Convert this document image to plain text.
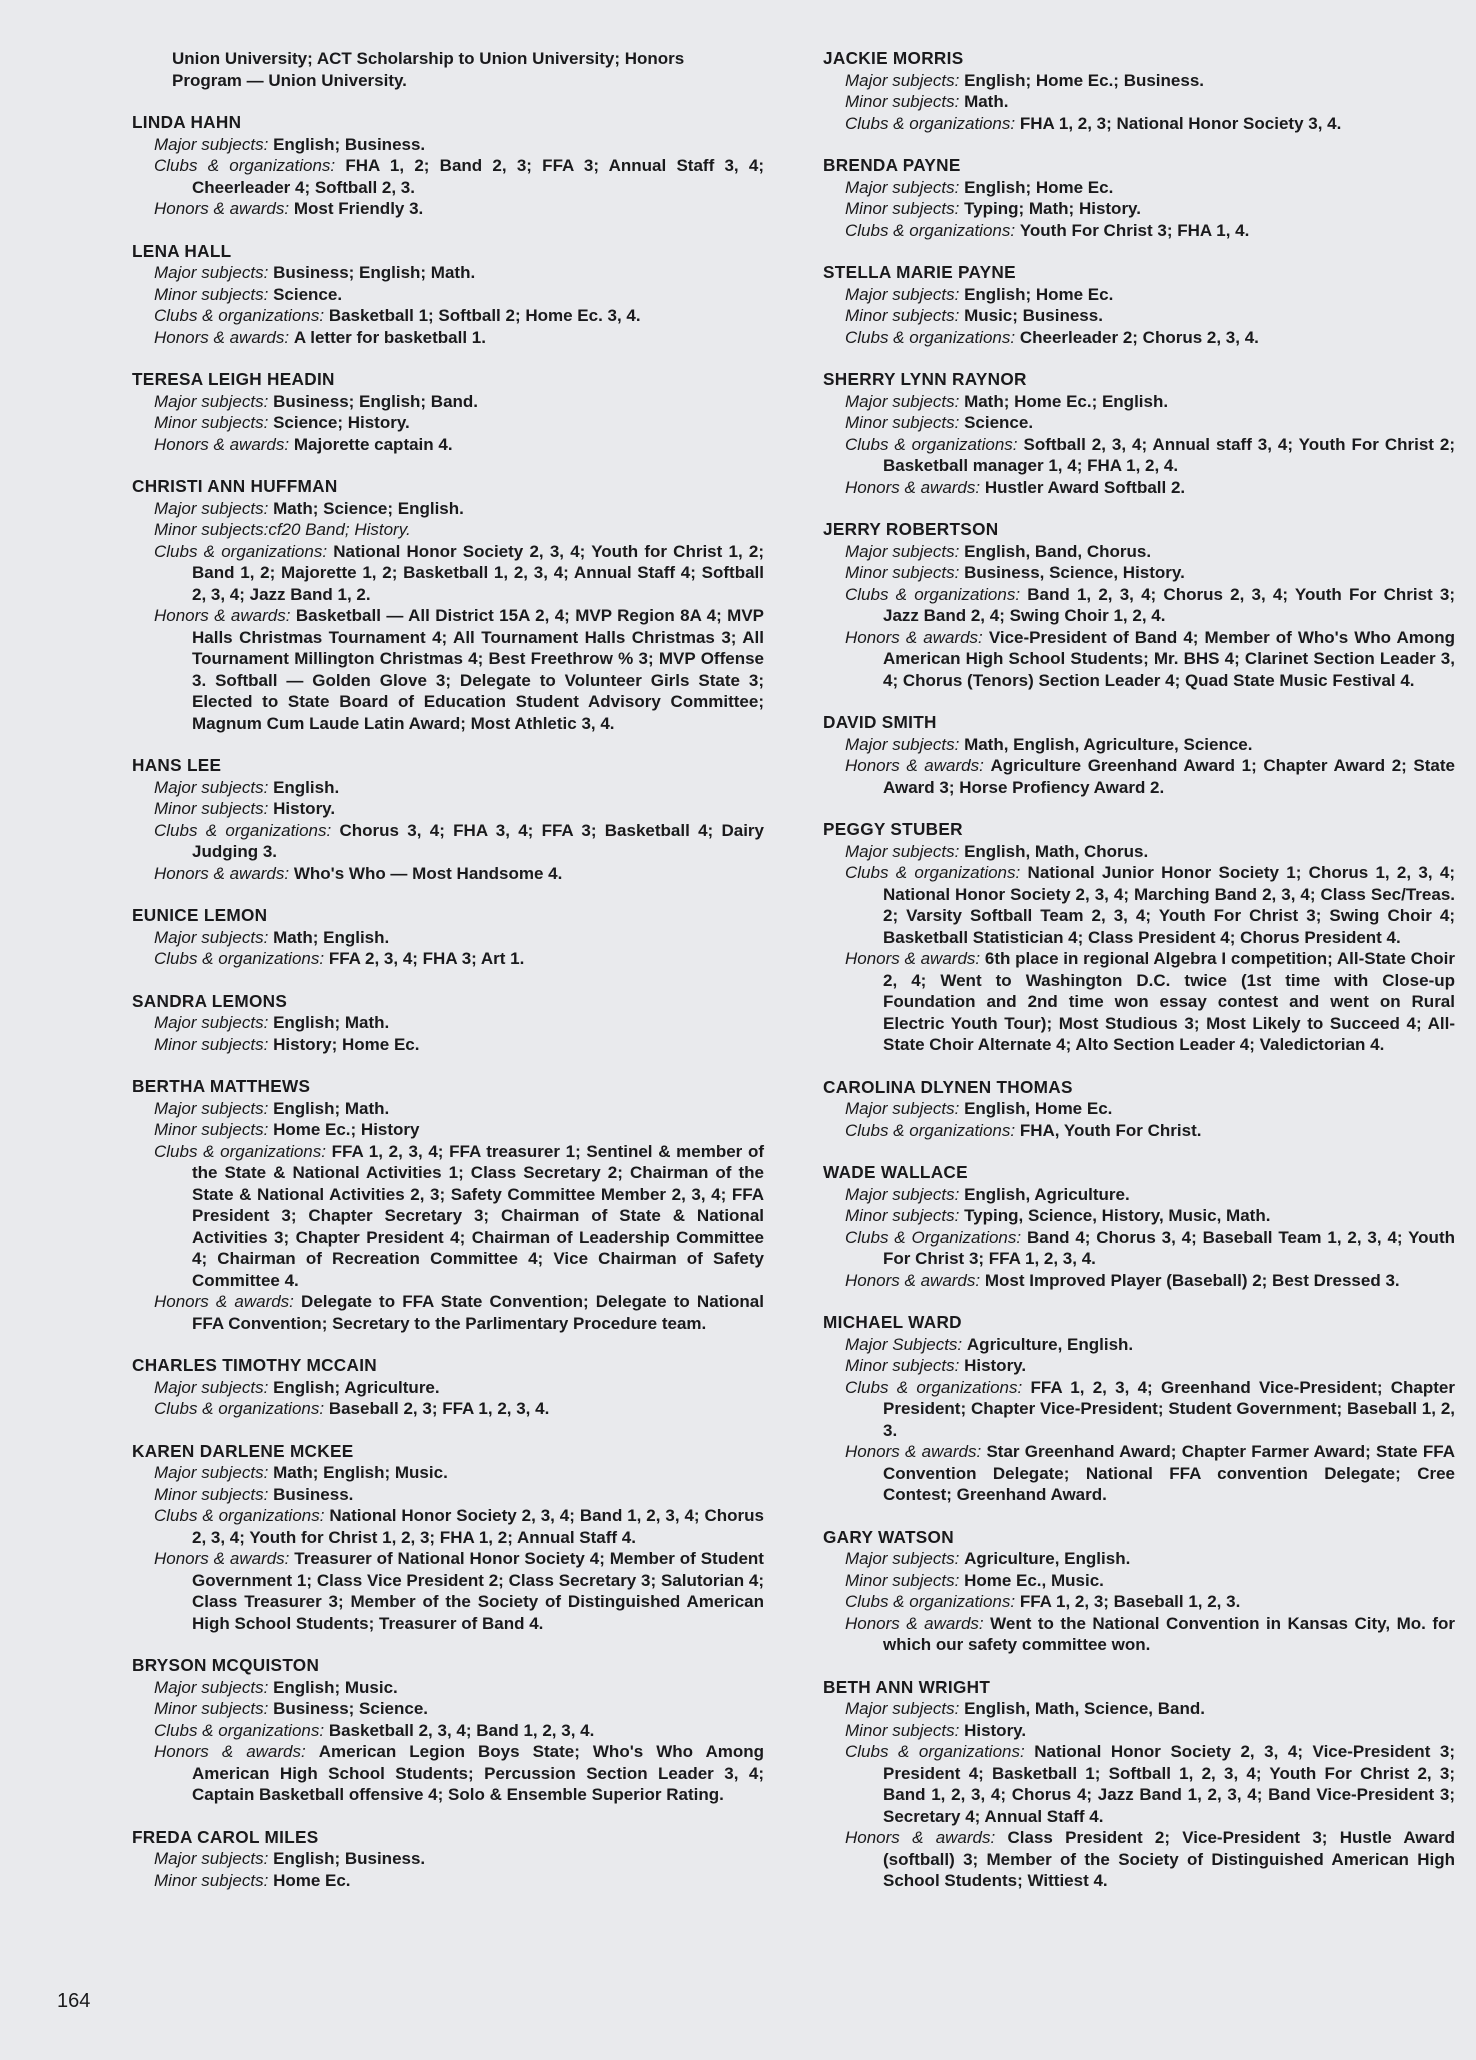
Union University; ACT Scholarship to Union University; Honors
Program — Union University.
LINDA HAHN

Major subjects: English; Business.

Clubs & organizations: FHA 1, 2; Band 2, 3; FFA 3; Annual Staff 3, 4; Cheerleader 4; Softball 2, 3.

Honors & awards: Most Friendly 3.

LENA HALL

Major subjects: Business; English; Math.

Minor subjects: Science.

Clubs & organizations: Basketball 1; Softball 2; Home Ec. 3, 4.

Honors & awards: A letter for basketball 1.

TERESA LEIGH HEADIN

Major subjects: Business; English; Band.

Minor subjects: Science; History.

Honors & awards: Majorette captain 4.

CHRISTI ANN HUFFMAN

Major subjects: Math; Science; English.

Minor subjects:cf20 Band; History.

Clubs & organizations: National Honor Society 2, 3, 4; Youth for Christ 1, 2; Band 1, 2; Majorette 1, 2; Basketball 1, 2, 3, 4; Annual Staff 4; Softball 2, 3, 4; Jazz Band 1, 2.

Honors & awards: Basketball — All District 15A 2, 4; MVP Region 8A 4; MVP Halls Christmas Tournament 4; All Tournament Halls Christmas 3; All Tournament Millington Christmas 4; Best Freethrow % 3; MVP Offense 3. Softball — Golden Glove 3; Delegate to Volunteer Girls State 3; Elected to State Board of Education Student Advisory Committee; Magnum Cum Laude Latin Award; Most Athletic 3, 4.

HANS LEE

Major subjects: English.

Minor subjects: History.

Clubs & organizations: Chorus 3, 4; FHA 3, 4; FFA 3; Basketball 4; Dairy Judging 3.

Honors & awards: Who's Who — Most Handsome 4.

EUNICE LEMON

Major subjects: Math; English.

Clubs & organizations: FFA 2, 3, 4; FHA 3; Art 1.

SANDRA LEMONS

Major subjects: English; Math.

Minor subjects: History; Home Ec.

BERTHA MATTHEWS

Major subjects: English; Math.

Minor subjects: Home Ec.; History

Clubs & organizations: FFA 1, 2, 3, 4; FFA treasurer 1; Sentinel & member of the State & National Activities 1; Class Secretary 2; Chairman of the State & National Activities 2, 3; Safety Committee Member 2, 3, 4; FFA President 3; Chapter Secretary 3; Chairman of State & National Activities 3; Chapter President 4; Chairman of Leadership Committee 4; Chairman of Recreation Committee 4; Vice Chairman of Safety Committee 4.

Honors & awards: Delegate to FFA State Convention; Delegate to National FFA Convention; Secretary to the Parlimentary Procedure team.

CHARLES TIMOTHY MCCAIN

Major subjects: English; Agriculture.

Clubs & organizations: Baseball 2, 3; FFA 1, 2, 3, 4.

KAREN DARLENE MCKEE

Major subjects: Math; English; Music.

Minor subjects: Business.

Clubs & organizations: National Honor Society 2, 3, 4; Band 1, 2, 3, 4; Chorus 2, 3, 4; Youth for Christ 1, 2, 3; FHA 1, 2; Annual Staff 4.

Honors & awards: Treasurer of National Honor Society 4; Member of Student Government 1; Class Vice President 2; Class Secretary 3; Salutorian 4; Class Treasurer 3; Member of the Society of Distinguished American High School Students; Treasurer of Band 4.

BRYSON MCQUISTON

Major subjects: English; Music.

Minor subjects: Business; Science.

Clubs & organizations: Basketball 2, 3, 4; Band 1, 2, 3, 4.

Honors & awards: American Legion Boys State; Who's Who Among American High School Students; Percussion Section Leader 3, 4; Captain Basketball offensive 4; Solo & Ensemble Superior Rating.

FREDA CAROL MILES

Major subjects: English; Business.

Minor subjects: Home Ec.

JACKIE MORRIS

Major subjects: English; Home Ec.; Business.

Minor subjects: Math.

Clubs & organizations: FHA 1, 2, 3; National Honor Society 3, 4.

BRENDA PAYNE

Major subjects: English; Home Ec.

Minor subjects: Typing; Math; History.

Clubs & organizations: Youth For Christ 3; FHA 1, 4.

STELLA MARIE PAYNE

Major subjects: English; Home Ec.

Minor subjects: Music; Business.

Clubs & organizations: Cheerleader 2; Chorus 2, 3, 4.

SHERRY LYNN RAYNOR

Major subjects: Math; Home Ec.; English.

Minor subjects: Science.

Clubs & organizations: Softball 2, 3, 4; Annual staff 3, 4; Youth For Christ 2; Basketball manager 1, 4; FHA 1, 2, 4.

Honors & awards: Hustler Award Softball 2.

JERRY ROBERTSON

Major subjects: English, Band, Chorus.

Minor subjects: Business, Science, History.

Clubs & organizations: Band 1, 2, 3, 4; Chorus 2, 3, 4; Youth For Christ 3; Jazz Band 2, 4; Swing Choir 1, 2, 4.

Honors & awards: Vice-President of Band 4; Member of Who's Who Among American High School Students; Mr. BHS 4; Clarinet Section Leader 3, 4; Chorus (Tenors) Section Leader 4; Quad State Music Festival 4.

DAVID SMITH

Major subjects: Math, English, Agriculture, Science.

Honors & awards: Agriculture Greenhand Award 1; Chapter Award 2; State Award 3; Horse Profiency Award 2.

PEGGY STUBER

Major subjects: English, Math, Chorus.

Clubs & organizations: National Junior Honor Society 1; Chorus 1, 2, 3, 4; National Honor Society 2, 3, 4; Marching Band 2, 3, 4; Class Sec/Treas. 2; Varsity Softball Team 2, 3, 4; Youth For Christ 3; Swing Choir 4; Basketball Statistician 4; Class President 4; Chorus President 4.

Honors & awards: 6th place in regional Algebra I competition; All-State Choir 2, 4; Went to Washington D.C. twice (1st time with Close-up Foundation and 2nd time won essay contest and went on Rural Electric Youth Tour); Most Studious 3; Most Likely to Succeed 4; All-State Choir Alternate 4; Alto Section Leader 4; Valedictorian 4.

CAROLINA DLYNEN THOMAS

Major subjects: English, Home Ec.

Clubs & organizations: FHA, Youth For Christ.

WADE WALLACE

Major subjects: English, Agriculture.

Minor subjects: Typing, Science, History, Music, Math.

Clubs & Organizations: Band 4; Chorus 3, 4; Baseball Team 1, 2, 3, 4; Youth For Christ 3; FFA 1, 2, 3, 4.

Honors & awards: Most Improved Player (Baseball) 2; Best Dressed 3.

MICHAEL WARD

Major Subjects: Agriculture, English.

Minor subjects: History.

Clubs & organizations: FFA 1, 2, 3, 4; Greenhand Vice-President; Chapter President; Chapter Vice-President; Student Government; Baseball 1, 2, 3.

Honors & awards: Star Greenhand Award; Chapter Farmer Award; State FFA Convention Delegate; National FFA convention Delegate; Cree Contest; Greenhand Award.

GARY WATSON

Major subjects: Agriculture, English.

Minor subjects: Home Ec., Music.

Clubs & organizations: FFA 1, 2, 3; Baseball 1, 2, 3.

Honors & awards: Went to the National Convention in Kansas City, Mo. for which our safety committee won.

BETH ANN WRIGHT

Major subjects: English, Math, Science, Band.

Minor subjects: History.

Clubs & organizations: National Honor Society 2, 3, 4; Vice-President 3; President 4; Basketball 1; Softball 1, 2, 3, 4; Youth For Christ 2, 3; Band 1, 2, 3, 4; Chorus 4; Jazz Band 1, 2, 3, 4; Band Vice-President 3; Secretary 4; Annual Staff 4.

Honors & awards: Class President 2; Vice-President 3; Hustle Award (softball) 3; Member of the Society of Distinguished American High School Students; Wittiest 4.

164
